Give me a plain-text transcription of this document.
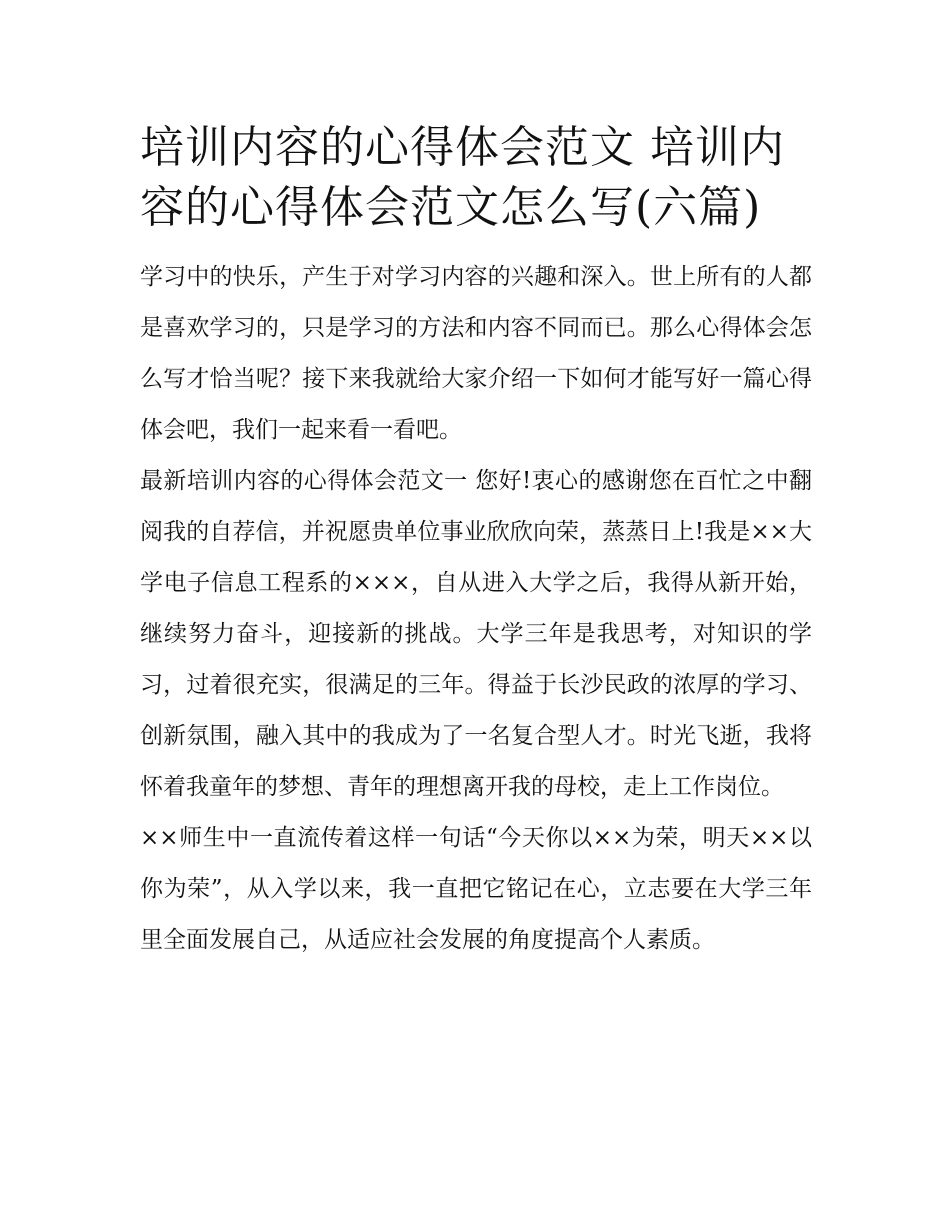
培训内容的心得体会范文 培训内容的心得体会范文怎么写(六篇)

学习中的快乐，产生于对学习内容的兴趣和深入。世上所有的人都是喜欢学习的，只是学习的方法和内容不同而已。那么心得体会怎么写才恰当呢？接下来我就给大家介绍一下如何才能写好一篇心得体会吧，我们一起来看一看吧。

最新培训内容的心得体会范文一 您好!衷心的感谢您在百忙之中翻阅我的自荐信，并祝愿贵单位事业欣欣向荣，蒸蒸日上!我是××大学电子信息工程系的×××，自从进入大学之后，我得从新开始，继续努力奋斗，迎接新的挑战。大学三年是我思考，对知识的学习，过着很充实，很满足的三年。得益于长沙民政的浓厚的学习、创新氛围，融入其中的我成为了一名复合型人才。时光飞逝，我将怀着我童年的梦想、青年的理想离开我的母校，走上工作岗位。

××师生中一直流传着这样一句话“今天你以××为荣，明天××以你为荣”，从入学以来，我一直把它铭记在心，立志要在大学三年里全面发展自己，从适应社会发展的角度提高个人素质。
